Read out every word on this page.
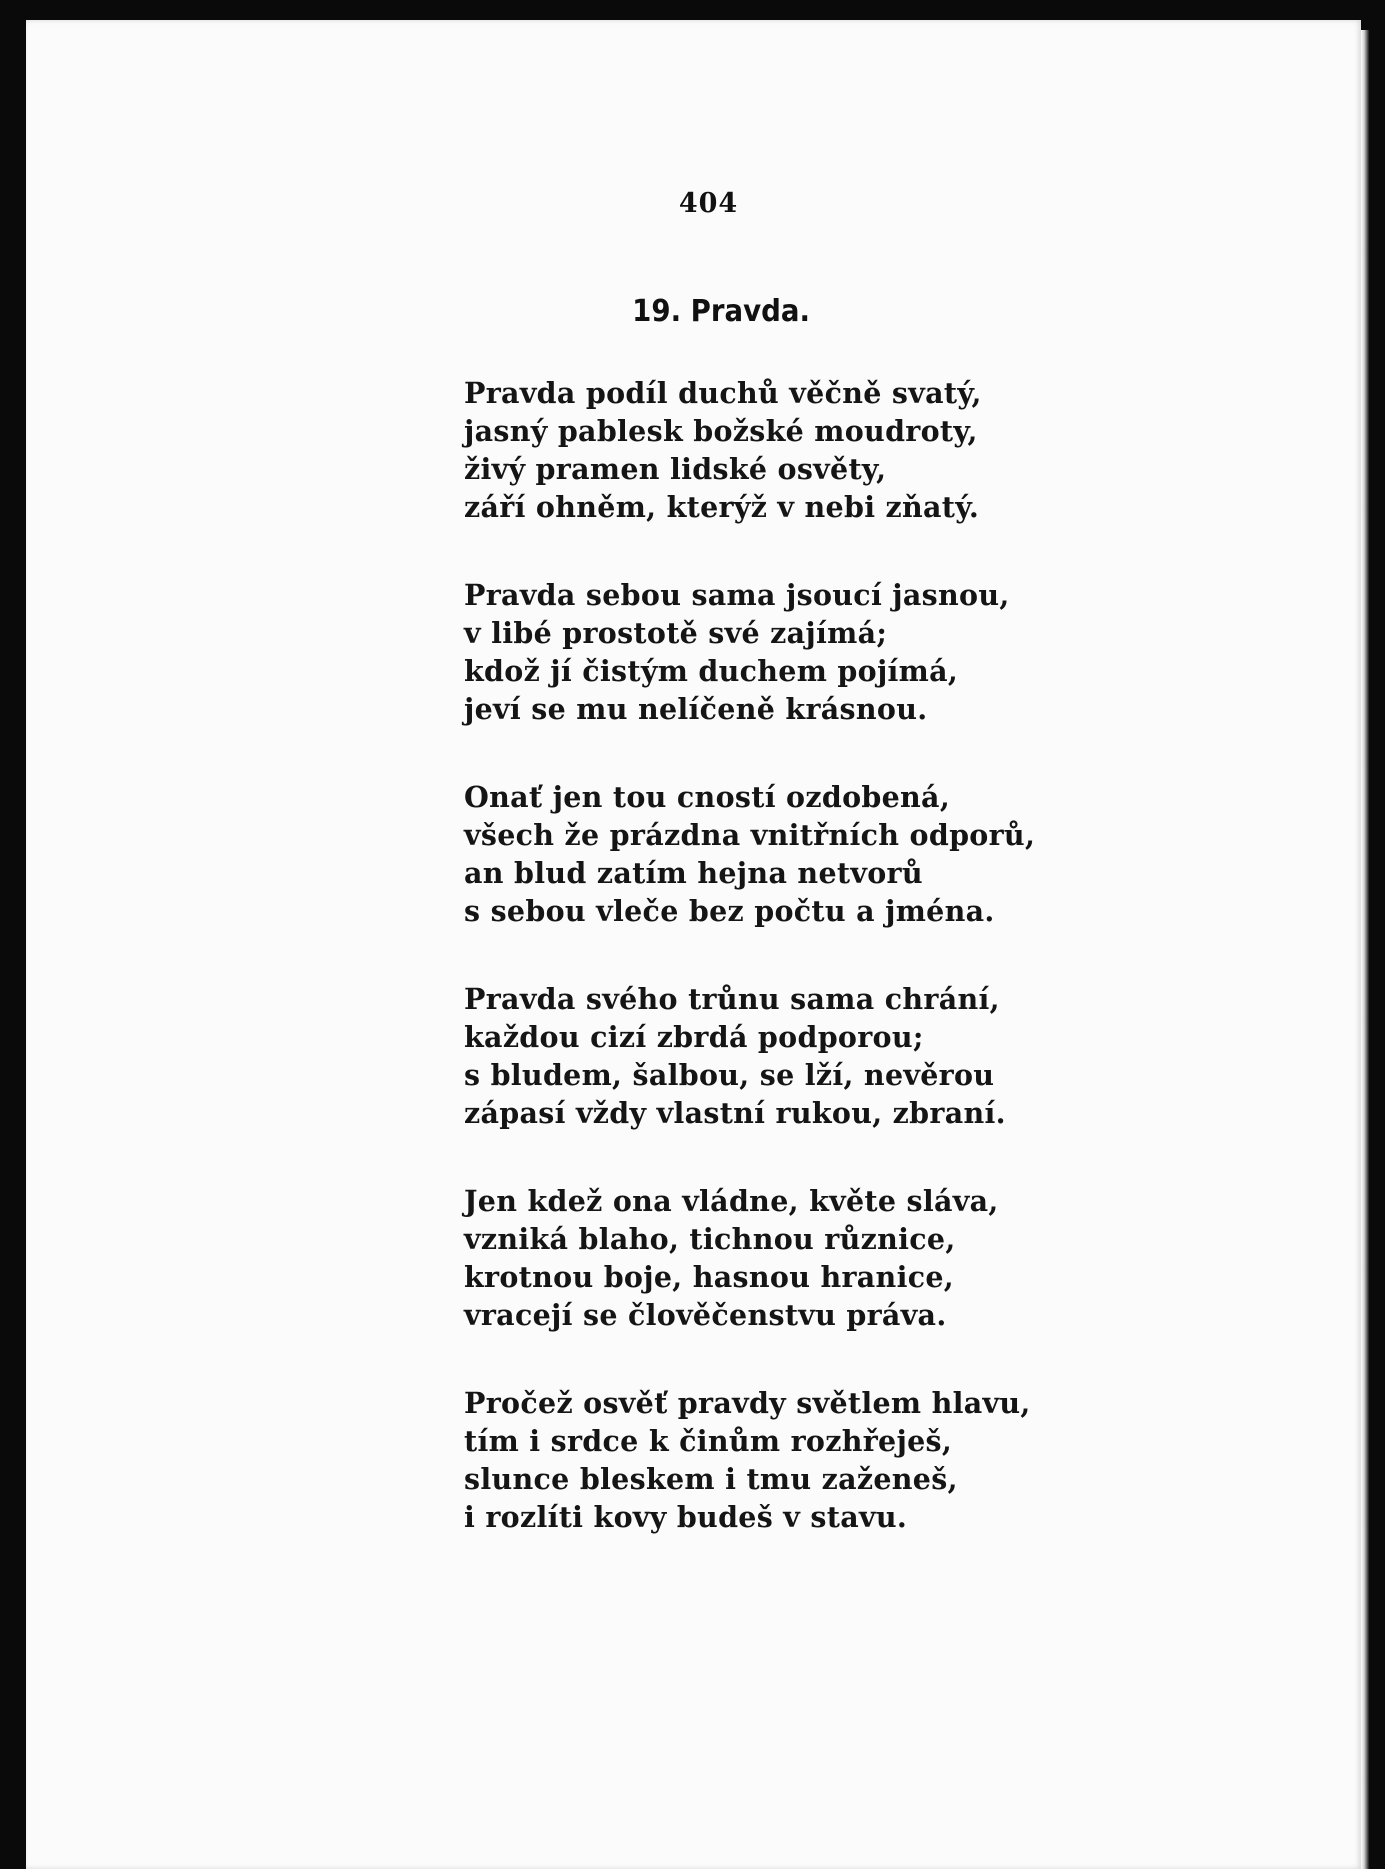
404
19. Pravda.
Pravda podíl duchů věčně svatý,
jasný pablesk božské moudroty,
živý pramen lidské osvěty,
září ohněm, kterýž v nebi zňatý.
Pravda sebou sama jsoucí jasnou,
v libé prostotě své zajímá;
kdož jí čistým duchem pojímá,
jeví se mu nelíčeně krásnou.
Onať jen tou cností ozdobená,
všech že prázdna vnitřních odporů,
an blud zatím hejna netvorů
s sebou vleče bez počtu a jména.
Pravda svého trůnu sama chrání,
každou cizí zbrdá podporou;
s bludem, šalbou, se lží, nevěrou
zápasí vždy vlastní rukou, zbraní.
Jen kdež ona vládne, květe sláva,
vzniká blaho, tichnou různice,
krotnou boje, hasnou hranice,
vracejí se člověčenstvu práva.
Pročež osvěť pravdy světlem hlavu,
tím i srdce k činům rozhřeješ,
slunce bleskem i tmu zaženeš,
i rozlíti kovy budeš v stavu.
